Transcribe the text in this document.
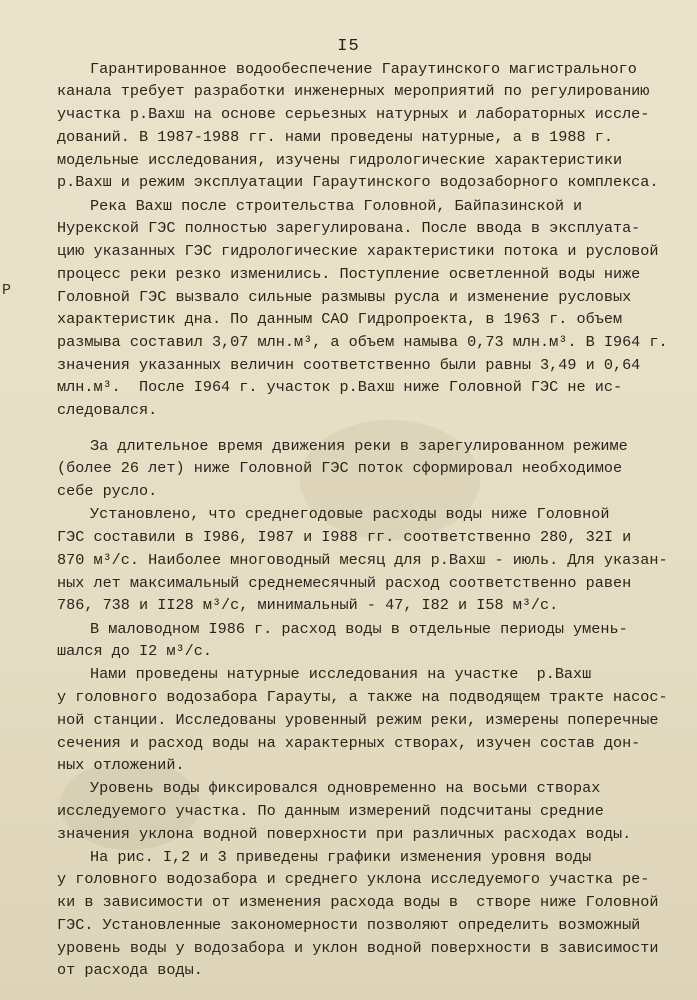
I5
P
Гарантированное водообеспечение Гараутинского магистрального
канала требует разработки инженерных мероприятий по регулированию
участка р.Вахш на основе серьезных натурных и лабораторных иссле-
дований. В 1987-1988 гг. нами проведены натурные, а в 1988 г.
модельные исследования, изучены гидрологические характеристики
р.Вахш и режим эксплуатации Гараутинского водозаборного комплекса.
Река Вахш после строительства Головной, Байпазинской и
Нурекской ГЭС полностью зарегулирована. После ввода в эксплуата-
цию указанных ГЭС гидрологические характеристики потока и русловой
процесс реки резко изменились. Поступление осветленной воды ниже
Головной ГЭС вызвало сильные размывы русла и изменение русловых
характеристик дна. По данным САО Гидропроекта, в 1963 г. объем
размыва составил 3,07 млн.м³, а объем намыва 0,73 млн.м³. В I964 г.
значения указанных величин соответственно были равны 3,49 и 0,64
млн.м³.  После I964 г. участок р.Вахш ниже Головной ГЭС не ис-
следовался.
За длительное время движения реки в зарегулированном режиме
(более 26 лет) ниже Головной ГЭС поток сформировал необходимое
себе русло.
Установлено, что среднегодовые расходы воды ниже Головной
ГЭС составили в I986, I987 и I988 гг. соответственно 280, 32I и
870 м³/с. Наиболее многоводный месяц для р.Вахш - июль. Для указан-
ных лет максимальный среднемесячный расход соответственно равен
786, 738 и II28 м³/с, минимальный - 47, I82 и I58 м³/с.
В маловодном I986 г. расход воды в отдельные периоды умень-
шался до I2 м³/с.
Нами проведены натурные исследования на участке  р.Вахш
у головного водозабора Гарауты, а также на подводящем тракте насос-
ной станции. Исследованы уровенный режим реки, измерены поперечные
сечения и расход воды на характерных створах, изучен состав дон-
ных отложений.
Уровень воды фиксировался одновременно на восьми створах
исследуемого участка. По данным измерений подсчитаны средние
значения уклона водной поверхности при различных расходах воды.
На рис. I,2 и 3 приведены графики изменения уровня воды
у головного водозабора и среднего уклона исследуемого участка ре-
ки в зависимости от изменения расхода воды в  створе ниже Головной
ГЭС. Установленные закономерности позволяют определить возможный
уровень воды у водозабора и уклон водной поверхности в зависимости
от расхода воды.
